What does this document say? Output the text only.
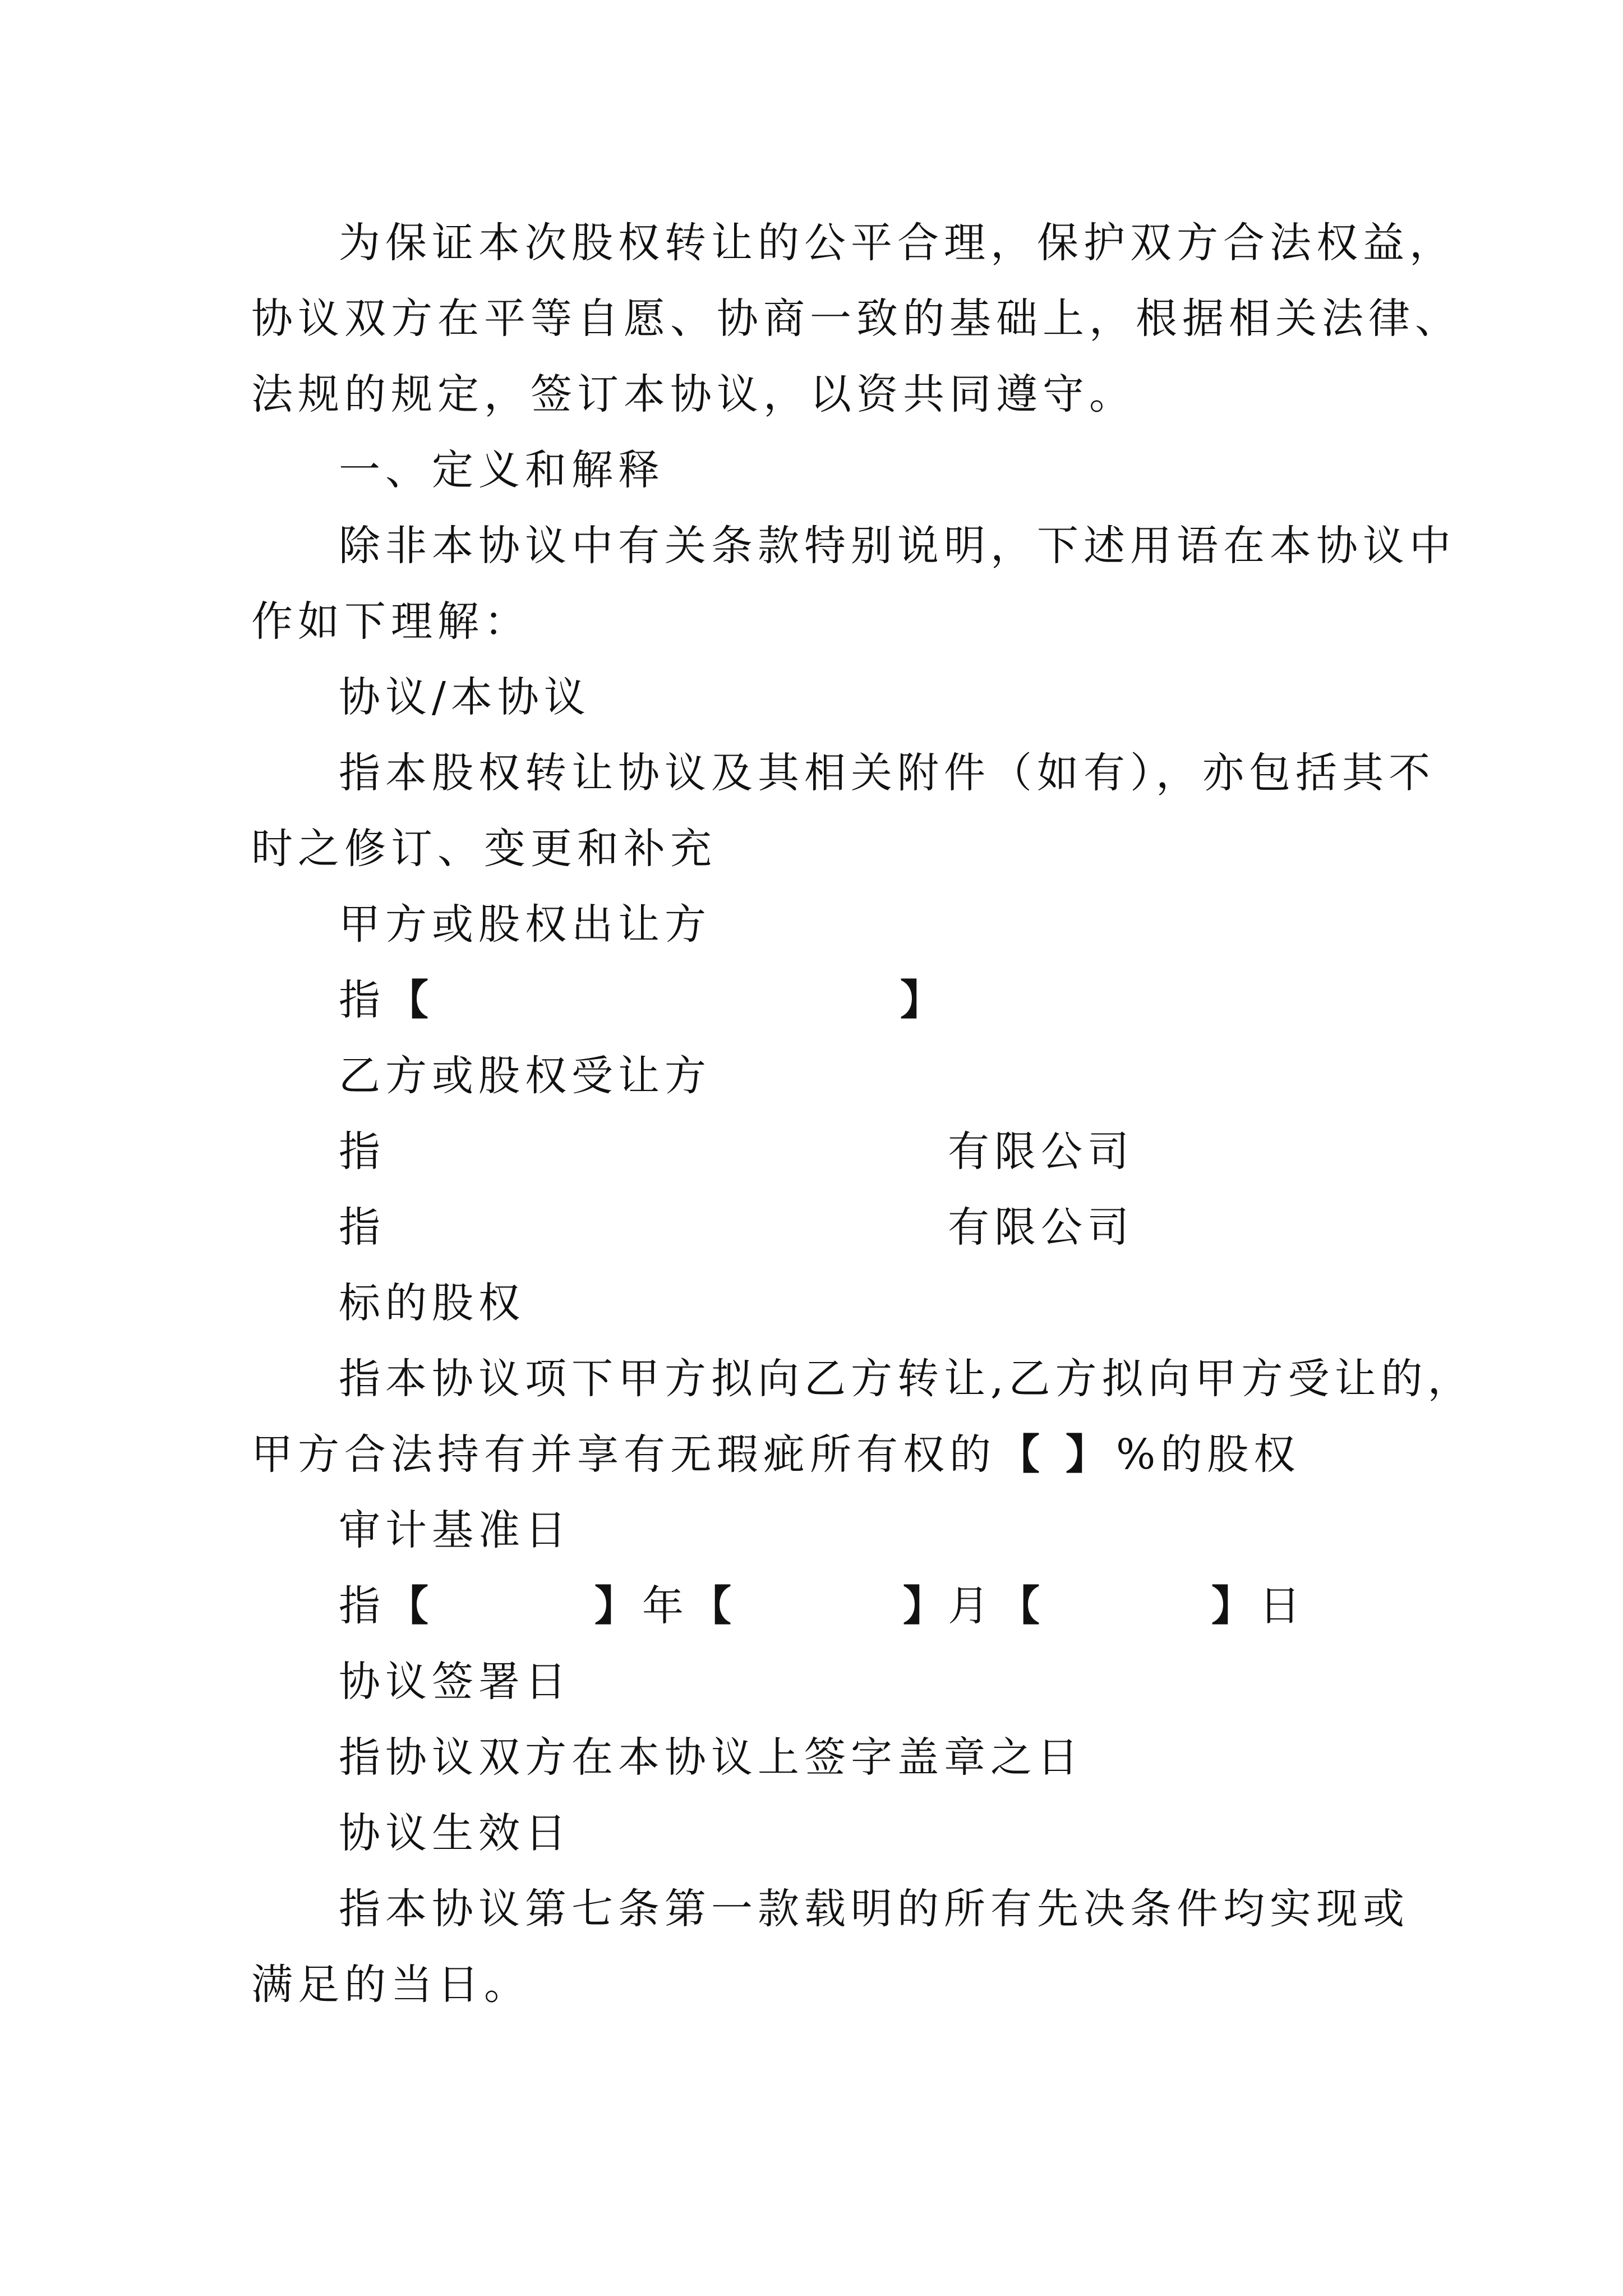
为保证本次股权转让的公平合理，保护双方合法权益，
协议双方在平等自愿、协商一致的基础上，根据相关法律、
法规的规定，签订本协议，以资共同遵守。
一、定义和解释
除非本协议中有关条款特别说明，下述用语在本协议中
作如下理解：
协议/本协议
指本股权转让协议及其相关附件（如有），亦包括其不
时之修订、变更和补充
甲方或股权出让方
指 【	】
乙方或股权受让方
指	有限公司
指	有限公司
标的股权
指本协议项下甲方拟向乙方转让,乙方拟向甲方受让的，
甲方合法持有并享有无瑕疵所有权的 【 】 %的股权
审计基准日
指 【	】 年 【	】
月 【	】 日
协议签署日
指协议双方在本协议上签字盖章之日
协议生效日
指本协议第七条第一款载明的所有先决条件均实现或
满足的当日。
